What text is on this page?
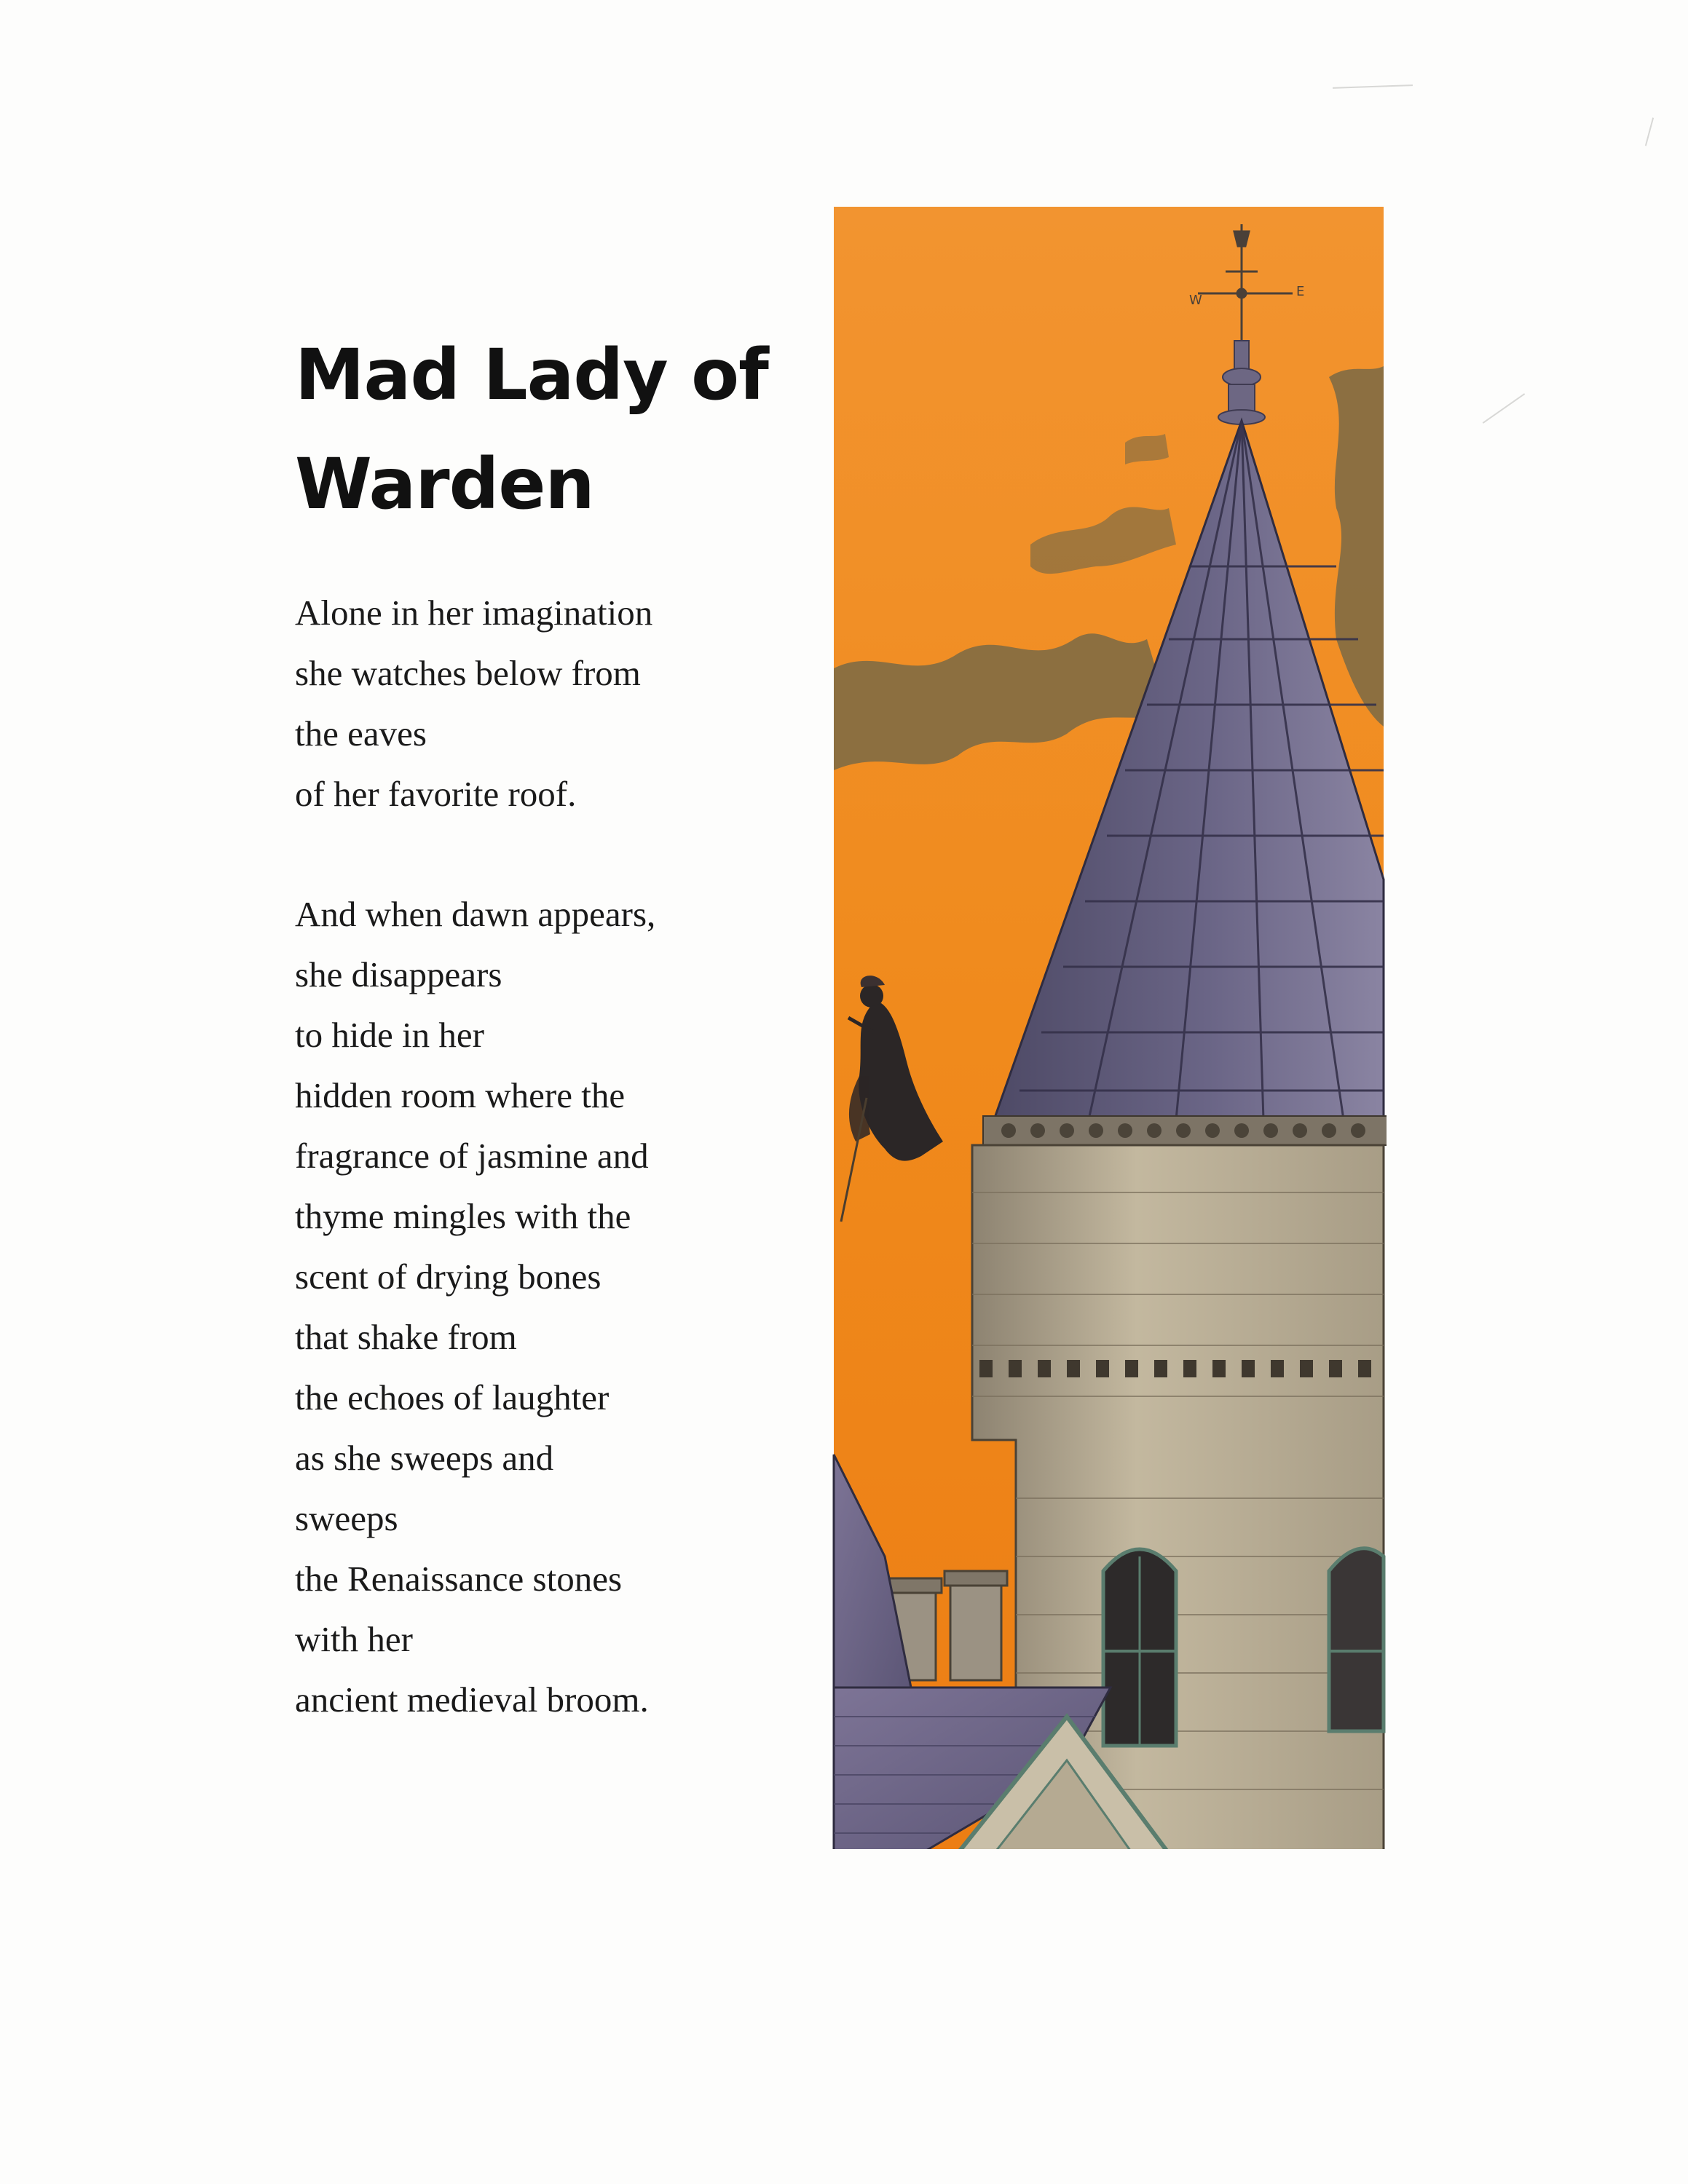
Mad Lady of
Warden

Alone in her imagination
she watches below from
the eaves
of her favorite roof.

And when dawn appears,
she disappears
to hide in her
hidden room where the
fragrance of jasmine and
thyme mingles with the
scent of drying bones
that shake from
the echoes of laughter
as she sweeps and
sweeps
the Renaissance stones
with her
ancient medieval broom.

W
E
